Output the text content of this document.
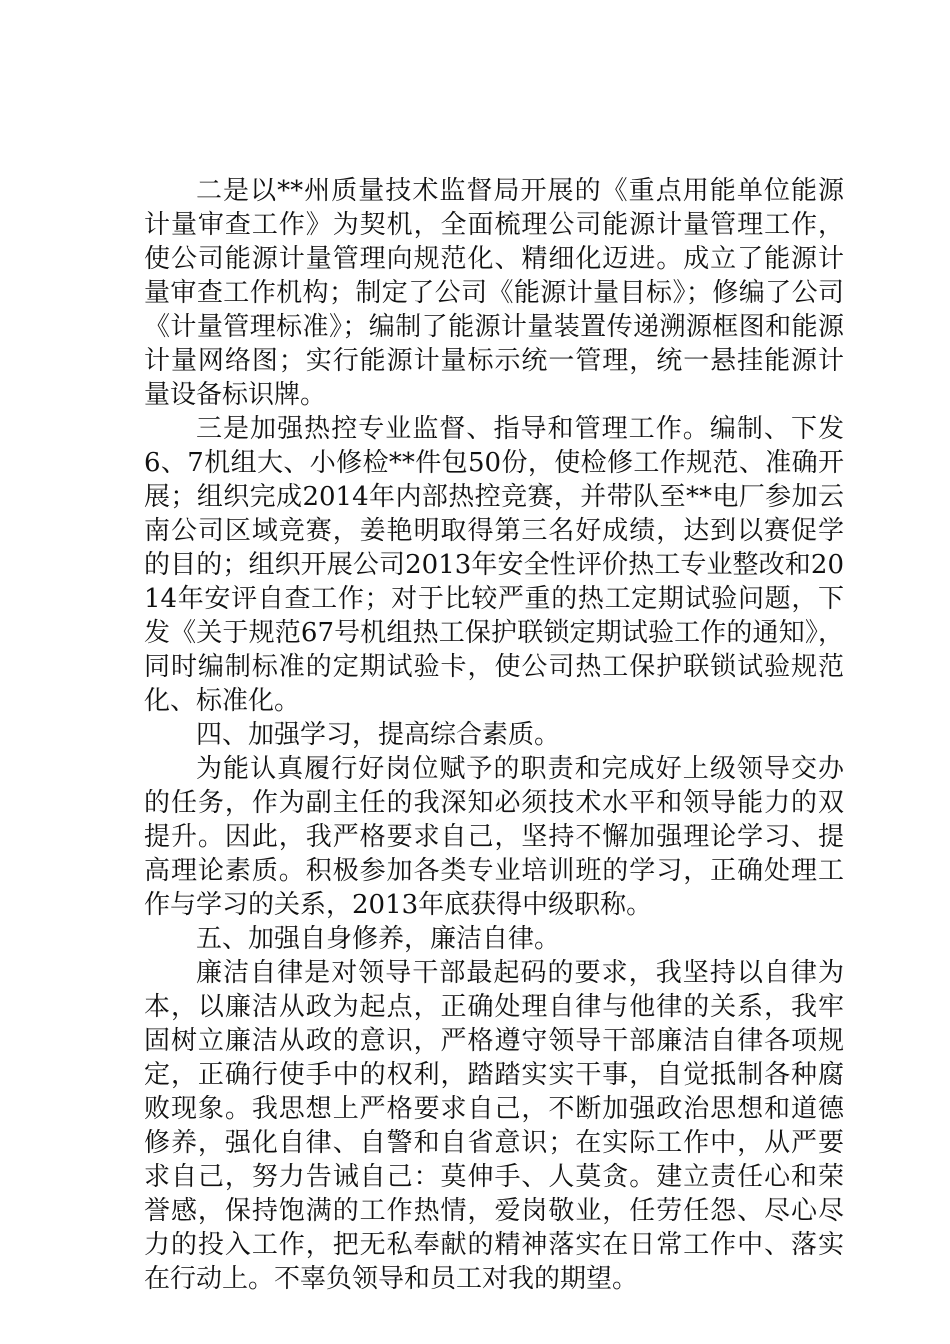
二是以**州质量技术监督局开展的《重点用能单位能源计量审查工作》为契机，全面梳理公司能源计量管理工作，使公司能源计量管理向规范化、精细化迈进。成立了能源计量审查工作机构；制定了公司《能源计量目标》；修编了公司《计量管理标准》；编制了能源计量装置传递溯源框图和能源计量网络图；实行能源计量标示统一管理，统一悬挂能源计量设备标识牌。

三是加强热控专业监督、指导和管理工作。编制、下发 6、7机组大、小修检**件包50份，使检修工作规范、准确开展；组织完成2014年内部热控竞赛，并带队至**电厂参加云南公司区域竞赛，姜艳明取得第三名好成绩，达到以赛促学的目的；组织开展公司2013年安全性评价热工专业整改和2014年安评自查工作；对于比较严重的热工定期试验问题，下发《关于规范67号机组热工保护联锁定期试验工作的通知》，同时编制标准的定期试验卡，使公司热工保护联锁试验规范化、标准化。

四、加强学习，提高综合素质。

为能认真履行好岗位赋予的职责和完成好上级领导交办的任务，作为副主任的我深知必须技术水平和领导能力的双提升。因此，我严格要求自己，坚持不懈加强理论学习、提高理论素质。积极参加各类专业培训班的学习，正确处理工作与学习的关系，2013年底获得中级职称。

五、加强自身修养，廉洁自律。

廉洁自律是对领导干部最起码的要求，我坚持以自律为本，以廉洁从政为起点，正确处理自律与他律的关系，我牢固树立廉洁从政的意识，严格遵守领导干部廉洁自律各项规定，正确行使手中的权利，踏踏实实干事，自觉抵制各种腐败现象。我思想上严格要求自己，不断加强政治思想和道德修养，强化自律、自警和自省意识；在实际工作中，从严要求自己，努力告诫自己：莫伸手、人莫贪。建立责任心和荣誉感，保持饱满的工作热情，爱岗敬业，任劳任怨、尽心尽力的投入工作，把无私奉献的精神落实在日常工作中、落实在行动上。不辜负领导和员工对我的期望。
